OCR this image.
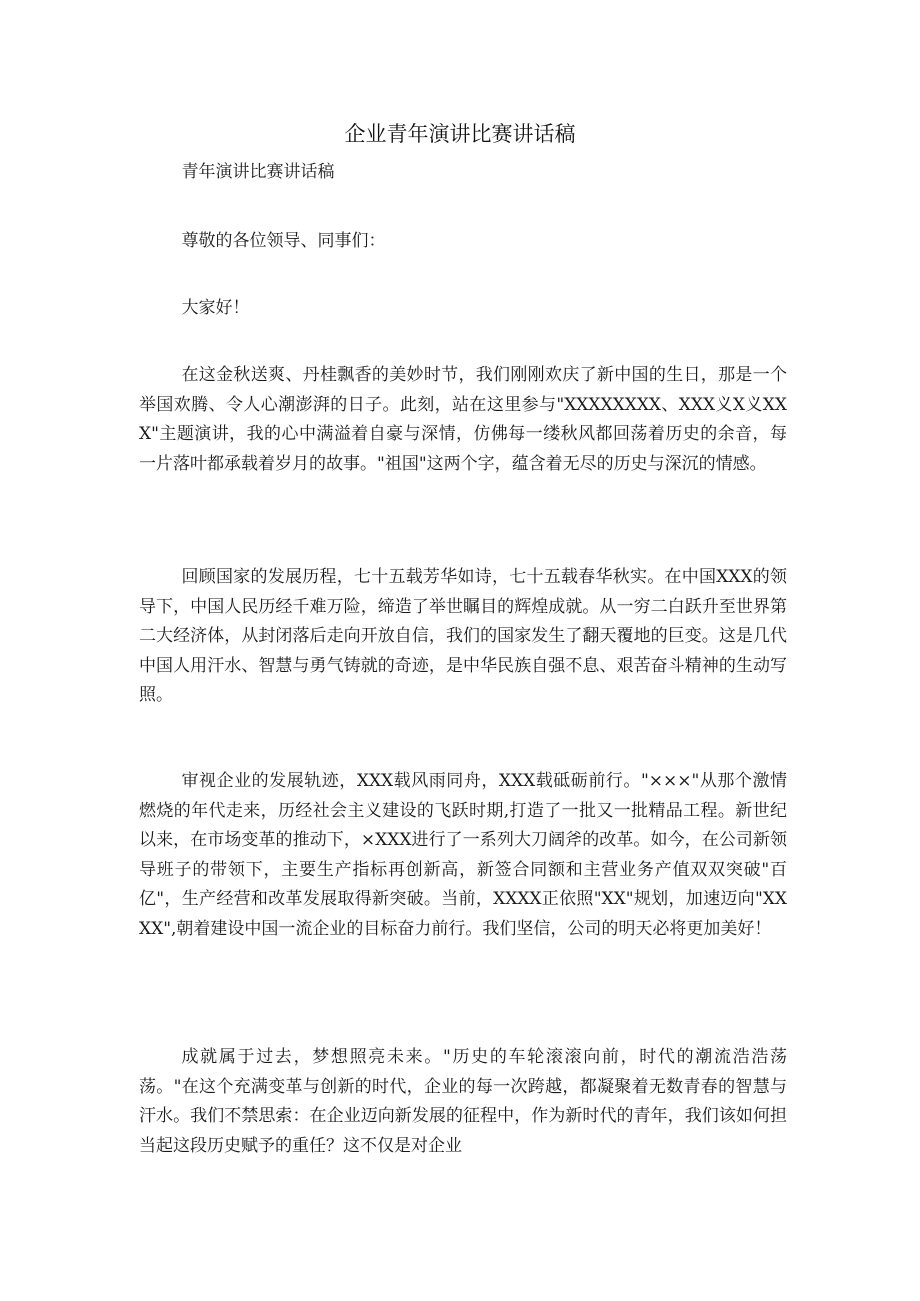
企业青年演讲比赛讲话稿

青年演讲比赛讲话稿

尊敬的各位领导、同事们：

大家好！

在这金秋送爽、丹桂飘香的美妙时节，我们刚刚欢庆了新中国的生日，那是一个举国欢腾、令人心潮澎湃的日子。此刻，站在这里参与"XXXXXXXX、XXX义X义XXX"主题演讲，我的心中满溢着自豪与深情，仿佛每一缕秋风都回荡着历史的余音，每一片落叶都承载着岁月的故事。"祖国"这两个字，蕴含着无尽的历史与深沉的情感。

回顾国家的发展历程，七十五载芳华如诗，七十五载春华秋实。在中国XXX的领导下，中国人民历经千难万险，缔造了举世瞩目的辉煌成就。从一穷二白跃升至世界第二大经济体，从封闭落后走向开放自信，我们的国家发生了翻天覆地的巨变。这是几代中国人用汗水、智慧与勇气铸就的奇迹，是中华民族自强不息、艰苦奋斗精神的生动写照。

审视企业的发展轨迹，XXX载风雨同舟，XXX载砥砺前行。"×××"从那个激情燃烧的年代走来，历经社会主义建设的飞跃时期,打造了一批又一批精品工程。新世纪以来，在市场变革的推动下，×XXX进行了一系列大刀阔斧的改革。如今，在公司新领导班子的带领下，主要生产指标再创新高，新签合同额和主营业务产值双双突破"百亿"，生产经营和改革发展取得新突破。当前，XXXX正依照"XX"规划，加速迈向"XXXX",朝着建设中国一流企业的目标奋力前行。我们坚信，公司的明天必将更加美好！

成就属于过去，梦想照亮未来。"历史的车轮滚滚向前，时代的潮流浩浩荡荡。"在这个充满变革与创新的时代，企业的每一次跨越，都凝聚着无数青春的智慧与汗水。我们不禁思索：在企业迈向新发展的征程中，作为新时代的青年，我们该如何担当起这段历史赋予的重任？这不仅是对企业
